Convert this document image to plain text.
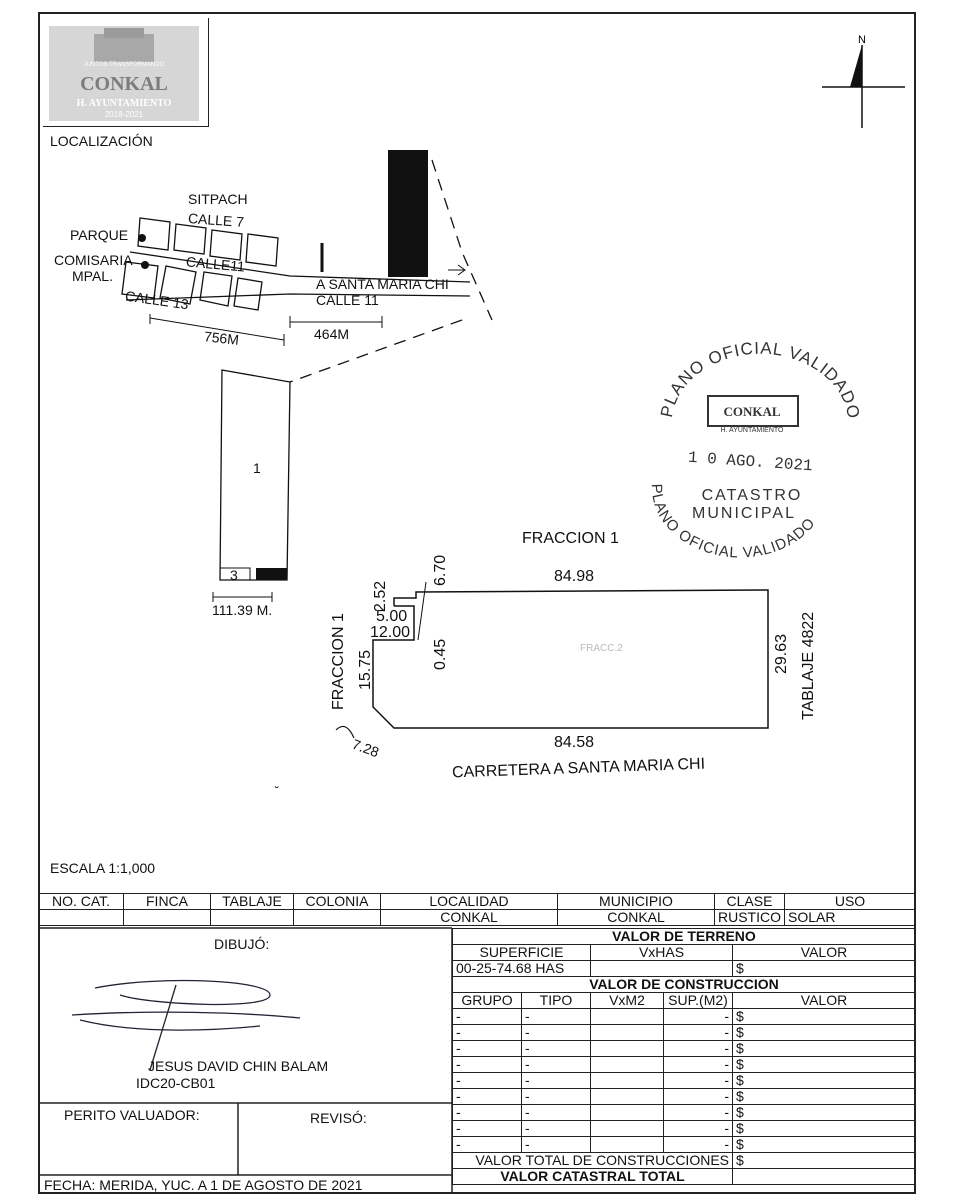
JUNTOS TRANSFORMANDO
CONKAL
H. AYUNTAMIENTO
2018-2021
N
˘
PLANO OFICIAL VALIDADO
CONKAL
H. AYUNTAMIENTO
1 0 AGO. 2021
CATASTRO
MUNICIPAL
PLANO OFICIAL VALIDADO
LOCALIZACIÓN
SITPACH
CALLE 7
PARQUE
COMISARIA
MPAL.
CALLE11
CALLE 13
A SANTA MARIA CHI
CALLE 11
756M	464M
1
3
111.39 M.
FRACCION 1
84.98
84.58
29.63 TABLAJE 4822
FRACCION 1 15.75
2.52
6.70
5.00
12.00
0.45
7.28
FRACC.2
CARRETERA A SANTA MARIA CHI
ESCALA 1:1,000
NO. CAT.	FINCA	TABLAJE	COLONIA	LOCALIDAD	MUNICIPIO	CLASE	USO
				CONKAL	CONKAL	RUSTICO	SOLAR
DIBUJÓ:
JESUS DAVID CHIN BALAM
IDC20-CB01
PERITO VALUADOR:	REVISÓ:
FECHA: MERIDA, YUC. A 1 DE AGOSTO DE 2021
VALOR DE TERRENO				
SUPERFICIE		VxHAS		VALOR
00-25-74.68 HAS				$
VALOR DE CONSTRUCCION				
GRUPO	TIPO	VxM2	SUP.(M2)	VALOR
-	-		-	$
-	-		-	$
-	-		-	$
-	-		-	$
-	-		-	$
-	-		-	$
-	-		-	$
-	-		-	$
-	-		-	$
VALOR TOTAL DE CONSTRUCCIONES				$
VALOR CATASTRAL TOTAL				
